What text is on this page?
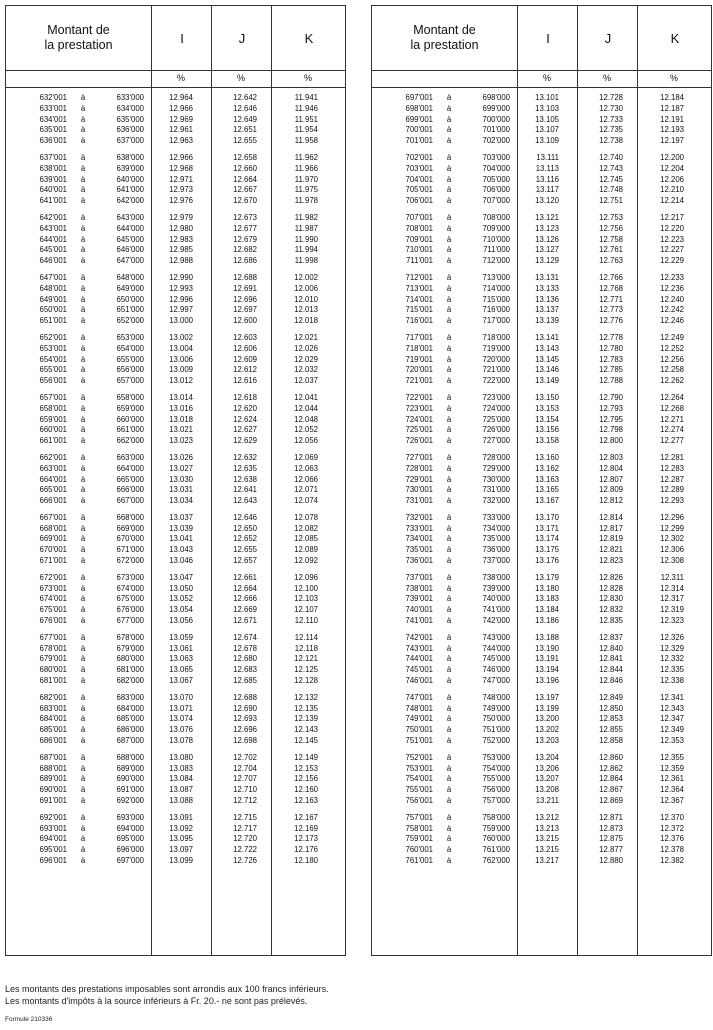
Montant de
la prestation	I	J	K
%	%	%
632'001	à	633'000	12.964	12.642	11.941
633'001	à	634'000	12.966	12.646	11.946
634'001	à	635'000	12.969	12.649	11.951
635'001	à	636'000	12.961	12.651	11.954
636'001	à	637'000	12.963	12.655	11.958
637'001	à	638'000	12.966	12.658	11.962
638'001	à	639'000	12.968	12.660	11.966
639'001	à	640'000	12.971	12.664	11.970
640'001	à	641'000	12.973	12.667	11.975
641'001	à	642'000	12.976	12.670	11.978
642'001	à	643'000	12.979	12.673	11.982
643'001	à	644'000	12.980	12.677	11.987
644'001	à	645'000	12.983	12.679	11.990
645'001	à	646'000	12.985	12.682	11.994
646'001	à	647'000	12.988	12.686	11.998
647'001	à	648'000	12.990	12.688	12.002
648'001	à	649'000	12.993	12.691	12.006
649'001	à	650'000	12.996	12.696	12.010
650'001	à	651'000	12.997	12.697	12.013
651'001	à	652'000	13.000	12.600	12.018
652'001	à	653'000	13.002	12.603	12.021
653'001	à	654'000	13.004	12.606	12.026
654'001	à	655'000	13.006	12.609	12.029
655'001	à	656'000	13.009	12.612	12.032
656'001	à	657'000	13.012	12.616	12.037
657'001	à	658'000	13.014	12.618	12.041
658'001	à	659'000	13.016	12.620	12.044
659'001	à	660'000	13.018	12.624	12.048
660'001	à	661'000	13.021	12.627	12.052
661'001	à	662'000	13.023	12.629	12.056
662'001	à	663'000	13.026	12.632	12.069
663'001	à	664'000	13.027	12.635	12.063
664'001	à	665'000	13.030	12.638	12.066
665'001	à	666'000	13.031	12.641	12.071
666'001	à	667'000	13.034	12.643	12.074
667'001	à	668'000	13.037	12.646	12.078
668'001	à	669'000	13.039	12.650	12.082
669'001	à	670'000	13.041	12.652	12.085
670'001	à	671'000	13.043	12.655	12.089
671'001	à	672'000	13.046	12.657	12.092
672'001	à	673'000	13.047	12.661	12.096
673'001	à	674'000	13.050	12.664	12.100
674'001	à	675'000	13.052	12.666	12.103
675'001	à	676'000	13.054	12.669	12.107
676'001	à	677'000	13.056	12.671	12.110
677'001	à	678'000	13.059	12.674	12.114
678'001	à	679'000	13.061	12.678	12.118
679'001	à	680'000	13.063	12.680	12.121
680'001	à	681'000	13.065	12.683	12.125
681'001	à	682'000	13.067	12.685	12.128
682'001	à	683'000	13.070	12.688	12.132
683'001	à	684'000	13.071	12.690	12.135
684'001	à	685'000	13.074	12.693	12.139
685'001	à	686'000	13.076	12.696	12.143
686'001	à	687'000	13.078	12.698	12.145
687'001	à	688'000	13.080	12.702	12.149
688'001	à	689'000	13.083	12.704	12.153
689'001	à	690'000	13.084	12.707	12.156
690'001	à	691'000	13.087	12.710	12.160
691'001	à	692'000	13.088	12.712	12.163
692'001	à	693'000	13.091	12.715	12.167
693'001	à	694'000	13.092	12.717	12.169
694'001	à	695'000	13.095	12.720	12.173
695'001	à	696'000	13.097	12.722	12.176
696'001	à	697'000	13.099	12.726	12.180
Montant de
la prestation	I	J	K
%	%	%
697'001	à	698'000	13.101	12.728	12.184
698'001	à	699'000	13.103	12.730	12.187
699'001	à	700'000	13.105	12.733	12.191
700'001	à	701'000	13.107	12.735	12.193
701'001	à	702'000	13.109	12.738	12.197
702'001	à	703'000	13.111	12.740	12.200
703'001	à	704'000	13.113	12.743	12.204
704'001	à	705'000	13.116	12.745	12.206
705'001	à	706'000	13.117	12.748	12.210
706'001	à	707'000	13.120	12.751	12.214
707'001	à	708'000	13.121	12.753	12.217
708'001	à	709'000	13.123	12.756	12.220
709'001	à	710'000	13.126	12.758	12.223
710'001	à	711'000	13.127	12.761	12.227
711'001	à	712'000	13.129	12.763	12.229
712'001	à	713'000	13.131	12.766	12.233
713'001	à	714'000	13.133	12.768	12.236
714'001	à	715'000	13.136	12.771	12.240
715'001	à	716'000	13.137	12.773	12.242
716'001	à	717'000	13.139	12.776	12.246
717'001	à	718'000	13.141	12.778	12.249
718'001	à	719'000	13.143	12.780	12.252
719'001	à	720'000	13.145	12.783	12.256
720'001	à	721'000	13.146	12.785	12.258
721'001	à	722'000	13.149	12.788	12.262
722'001	à	723'000	13.150	12.790	12.264
723'001	à	724'000	13.153	12.793	12.268
724'001	à	725'000	13.154	12.795	12.271
725'001	à	726'000	13.156	12.798	12.274
726'001	à	727'000	13.158	12.800	12.277
727'001	à	728'000	13.160	12.803	12.281
728'001	à	729'000	13.162	12.804	12.283
729'001	à	730'000	13.163	12.807	12.287
730'001	à	731'000	13.165	12.809	12.289
731'001	à	732'000	13.167	12.812	12.293
732'001	à	733'000	13.170	12.814	12.296
733'001	à	734'000	13.171	12.817	12.299
734'001	à	735'000	13.174	12.819	12.302
735'001	à	736'000	13.175	12.821	12.306
736'001	à	737'000	13.176	12.823	12.308
737'001	à	738'000	13.179	12.826	12.311
738'001	à	739'000	13.180	12.828	12.314
739'001	à	740'000	13.183	12.830	12.317
740'001	à	741'000	13.184	12.832	12.319
741'001	à	742'000	13.186	12.835	12.323
742'001	à	743'000	13.188	12.837	12.326
743'001	à	744'000	13.190	12.840	12.329
744'001	à	745'000	13.191	12.841	12.332
745'001	à	746'000	13.194	12.844	12.335
746'001	à	747'000	13.196	12.846	12.338
747'001	à	748'000	13.197	12.849	12.341
748'001	à	749'000	13.199	12.850	12.343
749'001	à	750'000	13.200	12.853	12.347
750'001	à	751'000	13.202	12.855	12.349
751'001	à	752'000	13.203	12.858	12.353
752'001	à	753'000	13.204	12.860	12.355
753'001	à	754'000	13.206	12.862	12.359
754'001	à	755'000	13.207	12.864	12.361
755'001	à	756'000	13.208	12.867	12.364
756'001	à	757'000	13.211	12.869	12.367
757'001	à	758'000	13.212	12.871	12.370
758'001	à	759'000	13.213	12.873	12.372
759'001	à	760'000	13.215	12.875	12.376
760'001	à	761'000	13.215	12.877	12.378
761'001	à	762'000	13.217	12.880	12.382
Les montants des prestations imposables sont arrondis aux 100 francs inférieurs.
Les montants d'impôts à la source inférieurs à Fr. 20.- ne sont pas prélevés.
Formule 210336
